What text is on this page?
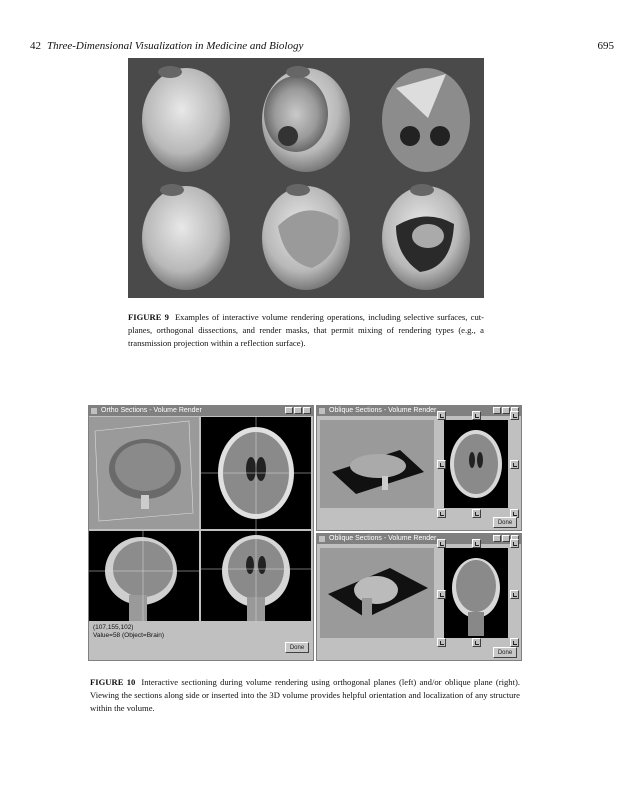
42 Three-Dimensional Visualization in Medicine and Biology	695
FIGURE 9 Examples of interactive volume rendering operations, including selective surfaces, cut-planes, orthogonal dissections, and render masks, that permit mixing of rendering types (e.g., a transmission projection within a reflection surface).
Ortho Sections - Volume Render
(107,155,102)
Value=58 (Object=Brain)
Done
Oblique Sections - Volume Render
Done
Oblique Sections - Volume Render
Done
FIGURE 10 Interactive sectioning during volume rendering using orthogonal planes (left) and/or oblique plane (right). Viewing the sections along side or inserted into the 3D volume provides helpful orientation and localization of any structure within the volume.
